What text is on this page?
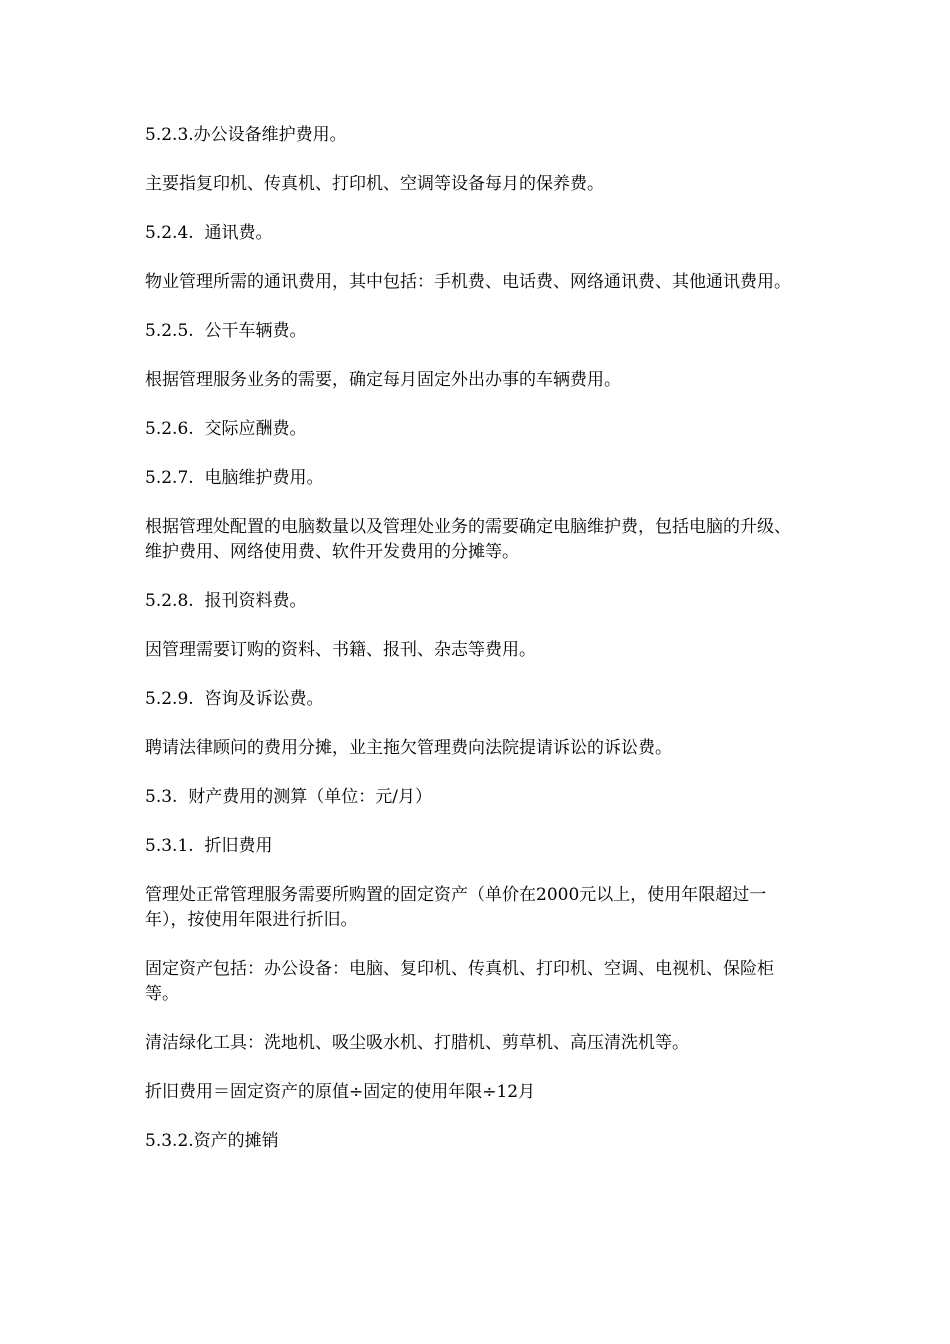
5.2.3.办公设备维护费用。

主要指复印机、传真机、打印机、空调等设备每月的保养费。

5.2.4.  通讯费。

物业管理所需的通讯费用，其中包括：手机费、电话费、网络通讯费、其他通讯费用。

5.2.5.  公干车辆费。

根据管理服务业务的需要，确定每月固定外出办事的车辆费用。

5.2.6.  交际应酬费。

5.2.7.  电脑维护费用。

根据管理处配置的电脑数量以及管理处业务的需要确定电脑维护费，包括电脑的升级、维护费用、网络使用费、软件开发费用的分摊等。

5.2.8.  报刊资料费。

因管理需要订购的资料、书籍、报刊、杂志等费用。

5.2.9.  咨询及诉讼费。

聘请法律顾问的费用分摊，业主拖欠管理费向法院提请诉讼的诉讼费。

5.3.  财产费用的测算（单位：元/月）

5.3.1.  折旧费用

管理处正常管理服务需要所购置的固定资产（单价在2000元以上，使用年限超过一年），按使用年限进行折旧。

固定资产包括：办公设备：电脑、复印机、传真机、打印机、空调、电视机、保险柜等。

清洁绿化工具：洗地机、吸尘吸水机、打腊机、剪草机、高压清洗机等。

折旧费用＝固定资产的原值÷固定的使用年限÷12月

5.3.2.资产的摊销
